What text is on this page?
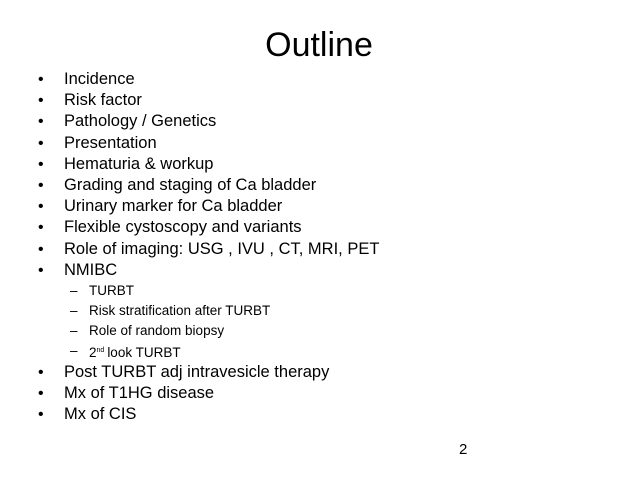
Outline
• Incidence
• Risk factor
• Pathology / Genetics
• Presentation
• Hematuria & workup
• Grading and staging of Ca bladder
• Urinary marker for Ca bladder
• Flexible cystoscopy and variants
• Role of imaging: USG , IVU , CT, MRI, PET
• NMIBC
– TURBT
– Risk stratification after TURBT
– Role of random biopsy
– 2nd look TURBT
• Post TURBT adj intravesicle therapy
• Mx of T1HG disease
• Mx of CIS
2
